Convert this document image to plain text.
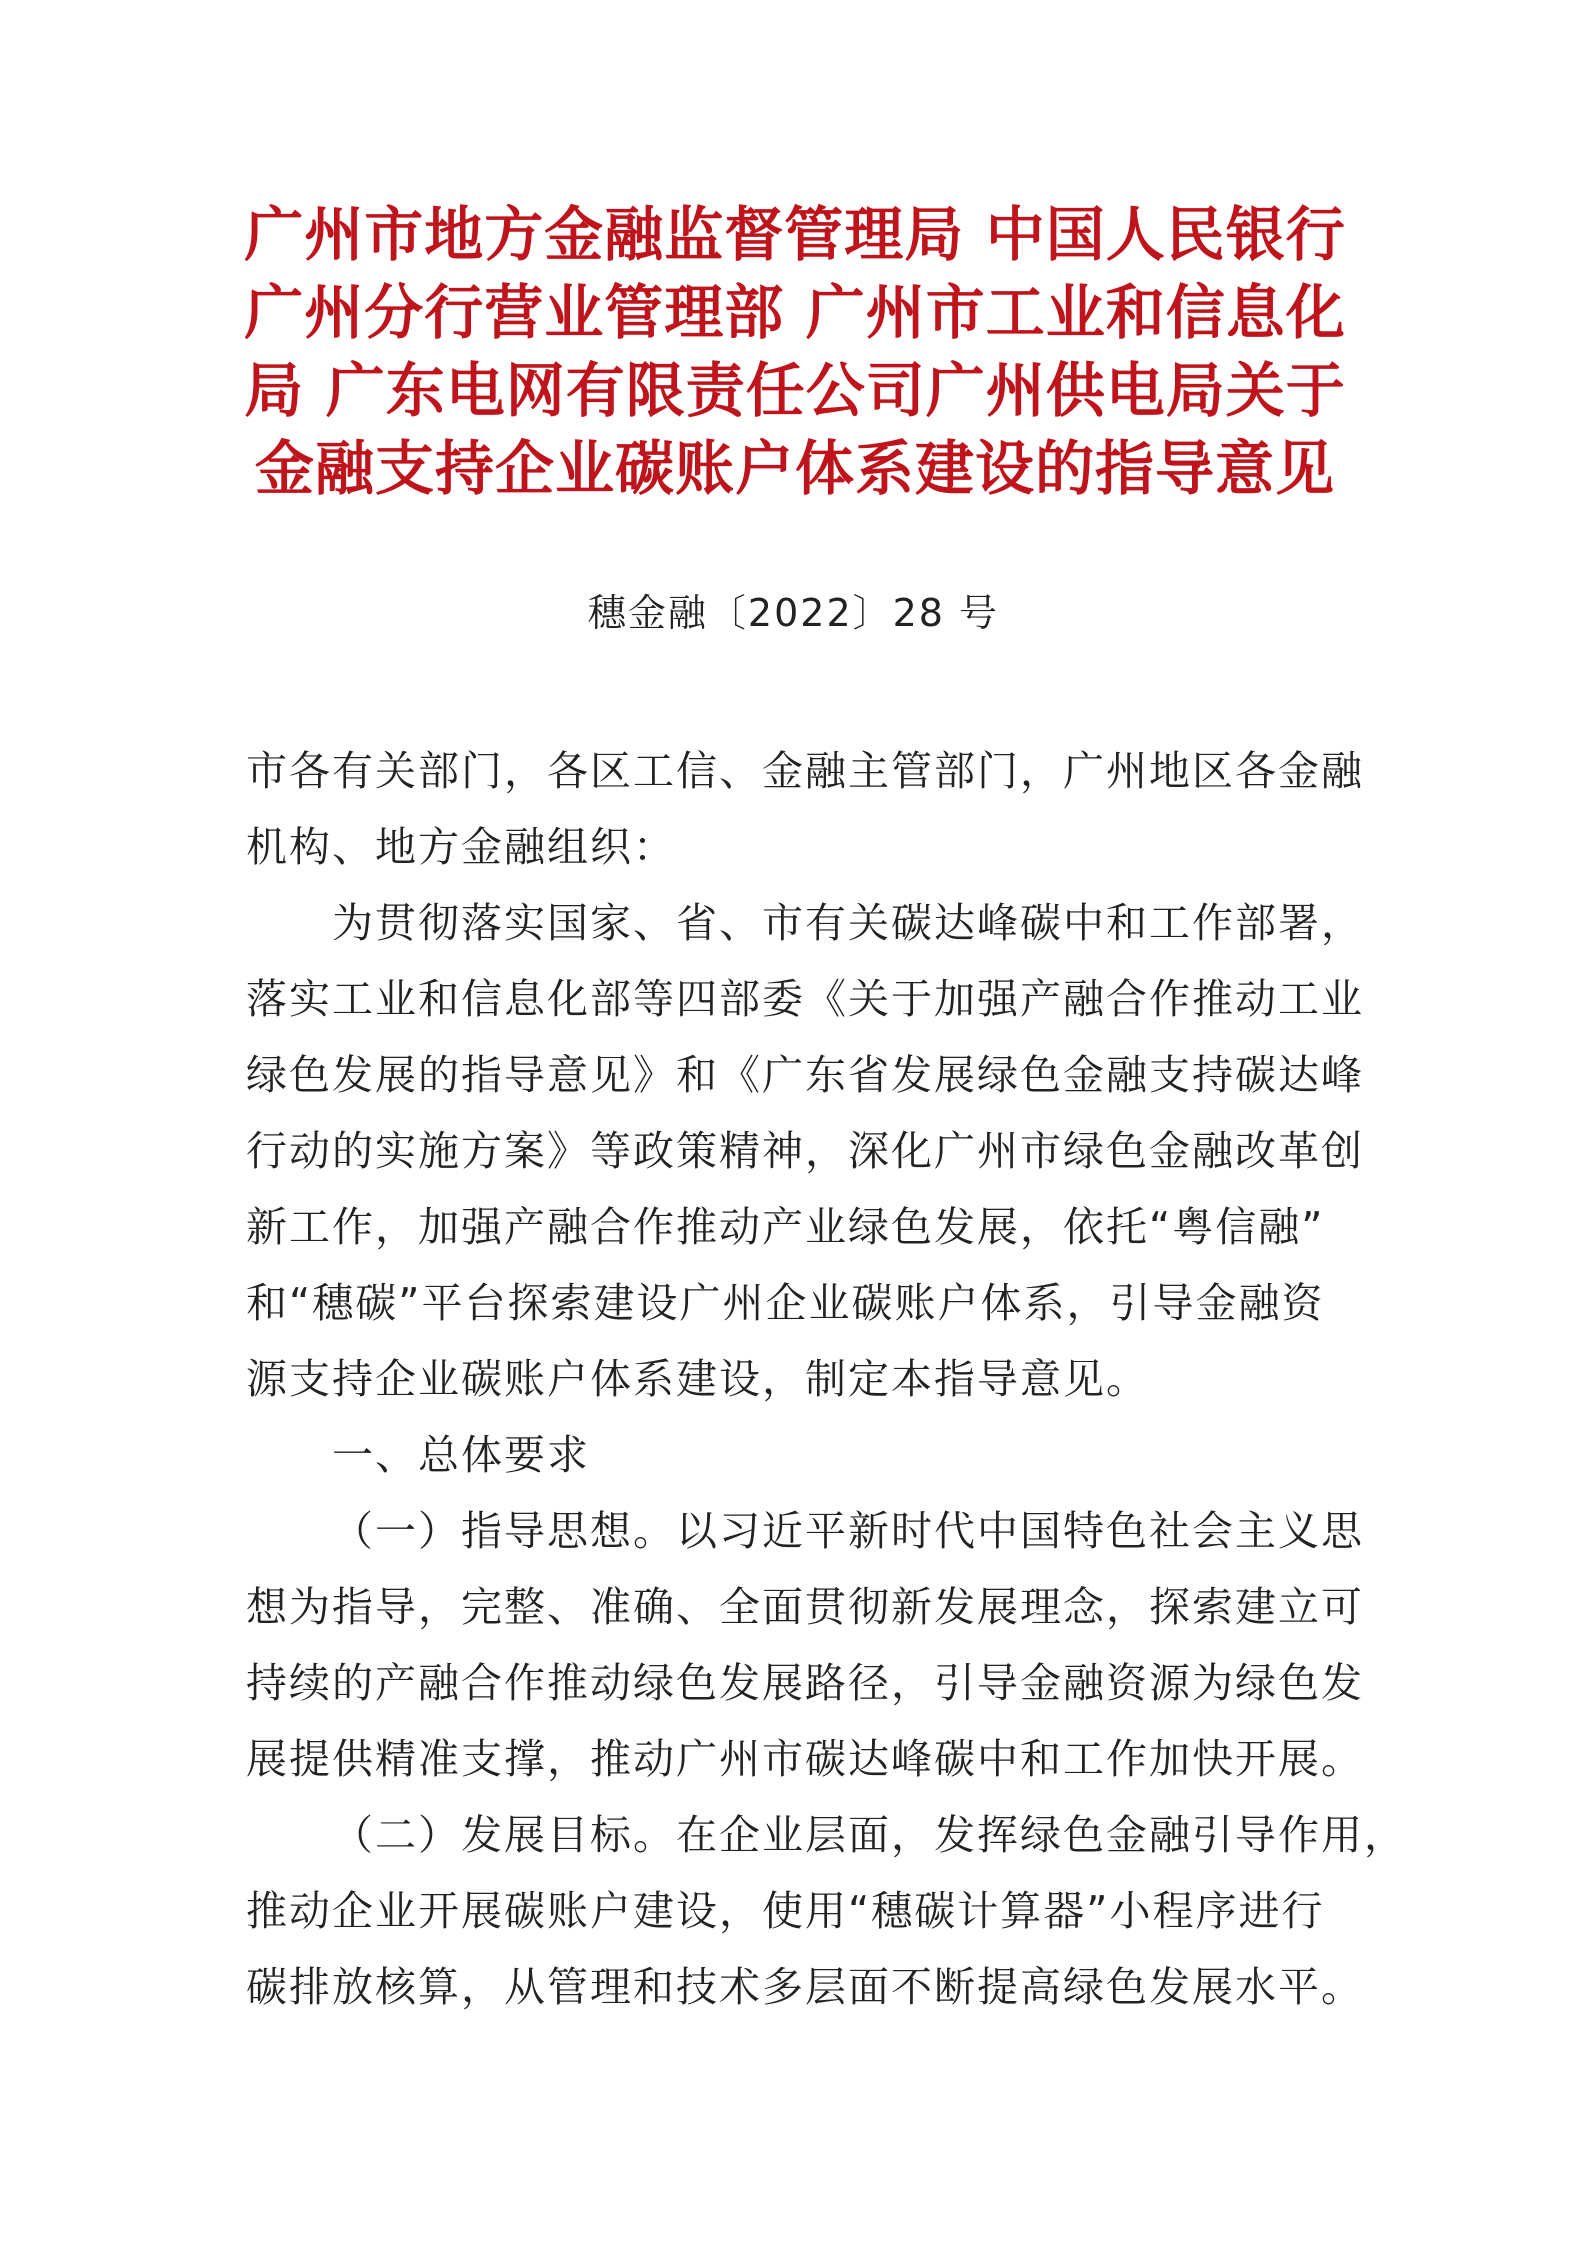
广州市地方金融监督管理局 中国人民银行
广州分行营业管理部 广州市工业和信息化
局 广东电网有限责任公司广州供电局关于
金融支持企业碳账户体系建设的指导意见
穗金融〔2022〕28 号
市各有关部门，各区工信、金融主管部门，广州地区各金融
机构、地方金融组织：
为贯彻落实国家、省、市有关碳达峰碳中和工作部署，
落实工业和信息化部等四部委《关于加强产融合作推动工业
绿色发展的指导意见》和《广东省发展绿色金融支持碳达峰
行动的实施方案》等政策精神，深化广州市绿色金融改革创
新工作，加强产融合作推动产业绿色发展，依托“粤信融”
和“穗碳”平台探索建设广州企业碳账户体系，引导金融资
源支持企业碳账户体系建设，制定本指导意见。
一、总体要求
（一）指导思想。以习近平新时代中国特色社会主义思
想为指导，完整、准确、全面贯彻新发展理念，探索建立可
持续的产融合作推动绿色发展路径，引导金融资源为绿色发
展提供精准支撑，推动广州市碳达峰碳中和工作加快开展。
（二）发展目标。在企业层面，发挥绿色金融引导作用，
推动企业开展碳账户建设，使用“穗碳计算器”小程序进行
碳排放核算，从管理和技术多层面不断提高绿色发展水平。
